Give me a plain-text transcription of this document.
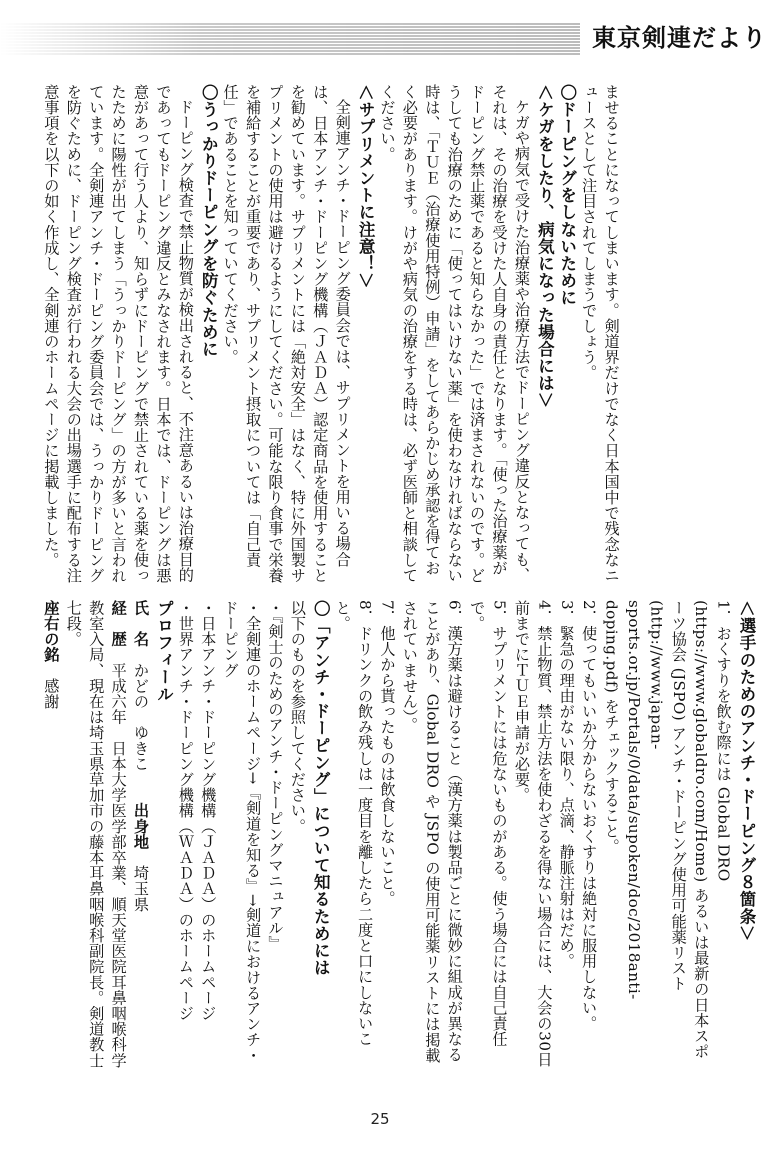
東京剣連だより

ませることになってしまいます。剣道界だけでなく日本国中で残念なニュースとして注目されてしまうでしょう。

〇ドーピングをしないために

＜ケガをしたり、病気になった場合には＞

ケガや病気で受けた治療薬や治療方法でドーピング違反となっても、それは、その治療を受けた人自身の責任となります。「使った治療薬がドーピング禁止薬であると知らなかった」では済まされないのです。どうしても治療のために「使ってはいけない薬」を使わなければならない時は、「ＴＵＥ（治療使用特例）申請」をしてあらかじめ承認を得ておく必要があります。けがや病気の治療をする時は、必ず医師と相談してください。

＜サプリメントに注意！＞

全剣連アンチ・ドーピング委員会では、サプリメントを用いる場合は、日本アンチ・ドーピング機構（ＪＡＤＡ）認定商品を使用することを勧めています。サプリメントには「絶対安全」はなく、特に外国製サプリメントの使用は避けるようにしてください。可能な限り食事で栄養を補給することが重要であり、サプリメント摂取については「自己責任」であることを知っていてください。

〇うっかりドーピングを防ぐために

ドーピング検査で禁止物質が検出されると、不注意あるいは治療目的であってもドーピング違反とみなされます。日本では、ドーピングは悪意があって行う人より、知らずにドーピングで禁止されている薬を使ったために陽性が出てしまう「うっかりドーピング」の方が多いと言われています。全剣連アンチ・ドーピング委員会では、うっかりドーピングを防ぐために、ドーピング検査が行われる大会の出場選手に配布する注意事項を以下の如く作成し、全剣連のホームページに掲載しました。

＜選手のためのアンチ・ドーピング８箇条＞

1．おくすりを飲む際には Global DRO (https://www.globaldro.com/Home) あるいは最新の日本スポーツ協会 (JSPO) アンチ・ドーピング使用可能薬リスト (http://www.japan-sports.or.jp/Portals/0/data/supoken/doc/2018anti-doping.pdf) をチェックすること。

2．使ってもいいか分からないおくすりは絶対に服用しない。

3．緊急の理由がない限り、点滴、静脈注射はだめ。

4．禁止物質、禁止方法を使わざるを得ない場合には、大会の30日前までにＴＵＥ申請が必要。

5．サプリメントには危ないものがある。使う場合には自己責任で。

6．漢方薬は避けること（漢方薬は製品ごとに微妙に組成が異なることがあり、Global DRO や JSPO の使用可能薬リストには掲載されていません）。

7．他人から貰ったものは飲食しないこと。

8．ドリンクの飲み残しは一度目を離したら二度と口にしないこと。

〇「アンチ・ドーピング」について知るためには

以下のものを参照してください。

・『剣士のためのアンチ・ドーピングマニュアル』

・全剣連のホームページ→『剣道を知る』→剣道におけるアンチ・ドーピング

・日本アンチ・ドーピング機構（ＪＡＤＡ）のホームページ

・世界アンチ・ドーピング機構（ＷＡＤＡ）のホームページ

プロフィール

氏　名　かどの　ゆきこ　　出身地　埼玉県

経　歴　平成六年　日本大学医学部卒業、順天堂医院耳鼻咽喉科学教室入局、現在は埼玉県草加市の藤本耳鼻咽喉科副院長。剣道教士七段。

座右の銘　感謝

25
